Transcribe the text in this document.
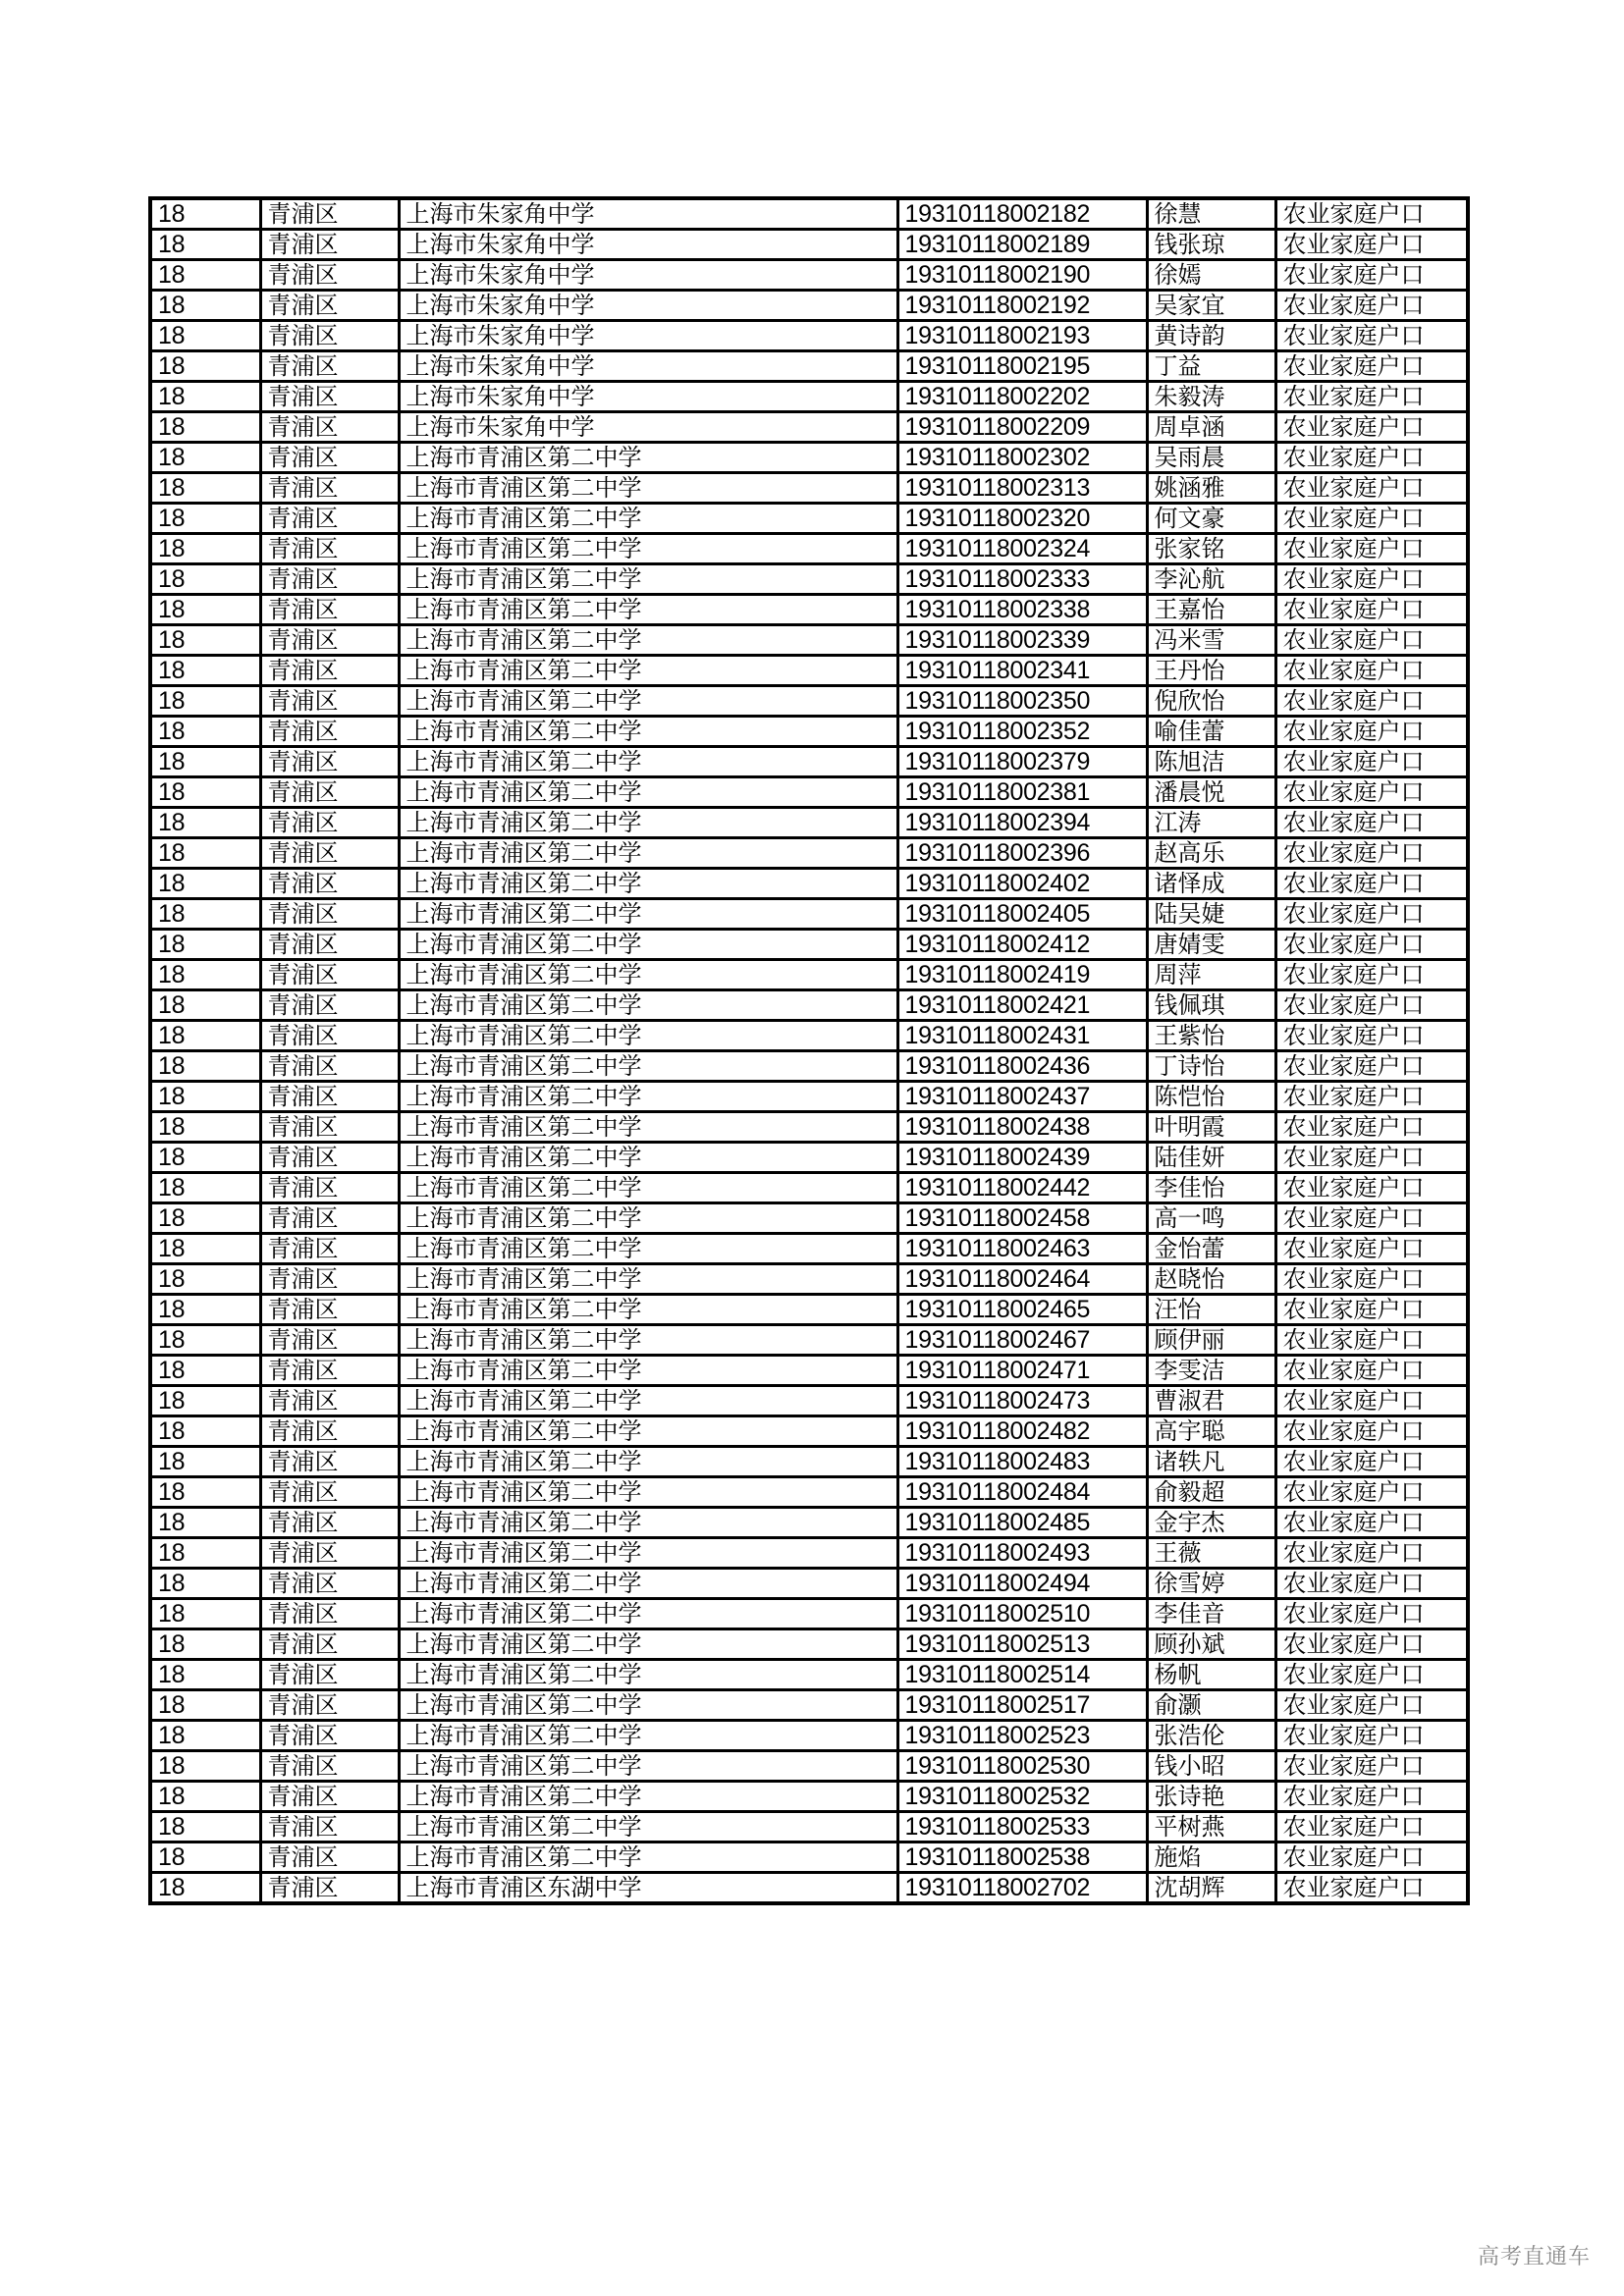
18	青浦区	上海市朱家角中学	19310118002182	徐慧	农业家庭户口
18	青浦区	上海市朱家角中学	19310118002189	钱张琼	农业家庭户口
18	青浦区	上海市朱家角中学	19310118002190	徐嫣	农业家庭户口
18	青浦区	上海市朱家角中学	19310118002192	吴家宜	农业家庭户口
18	青浦区	上海市朱家角中学	19310118002193	黄诗韵	农业家庭户口
18	青浦区	上海市朱家角中学	19310118002195	丁益	农业家庭户口
18	青浦区	上海市朱家角中学	19310118002202	朱毅涛	农业家庭户口
18	青浦区	上海市朱家角中学	19310118002209	周卓涵	农业家庭户口
18	青浦区	上海市青浦区第二中学	19310118002302	吴雨晨	农业家庭户口
18	青浦区	上海市青浦区第二中学	19310118002313	姚涵雅	农业家庭户口
18	青浦区	上海市青浦区第二中学	19310118002320	何文豪	农业家庭户口
18	青浦区	上海市青浦区第二中学	19310118002324	张家铭	农业家庭户口
18	青浦区	上海市青浦区第二中学	19310118002333	李沁航	农业家庭户口
18	青浦区	上海市青浦区第二中学	19310118002338	王嘉怡	农业家庭户口
18	青浦区	上海市青浦区第二中学	19310118002339	冯米雪	农业家庭户口
18	青浦区	上海市青浦区第二中学	19310118002341	王丹怡	农业家庭户口
18	青浦区	上海市青浦区第二中学	19310118002350	倪欣怡	农业家庭户口
18	青浦区	上海市青浦区第二中学	19310118002352	喻佳蕾	农业家庭户口
18	青浦区	上海市青浦区第二中学	19310118002379	陈旭洁	农业家庭户口
18	青浦区	上海市青浦区第二中学	19310118002381	潘晨悦	农业家庭户口
18	青浦区	上海市青浦区第二中学	19310118002394	江涛	农业家庭户口
18	青浦区	上海市青浦区第二中学	19310118002396	赵高乐	农业家庭户口
18	青浦区	上海市青浦区第二中学	19310118002402	诸怿成	农业家庭户口
18	青浦区	上海市青浦区第二中学	19310118002405	陆吴婕	农业家庭户口
18	青浦区	上海市青浦区第二中学	19310118002412	唐婧雯	农业家庭户口
18	青浦区	上海市青浦区第二中学	19310118002419	周萍	农业家庭户口
18	青浦区	上海市青浦区第二中学	19310118002421	钱佩琪	农业家庭户口
18	青浦区	上海市青浦区第二中学	19310118002431	王紫怡	农业家庭户口
18	青浦区	上海市青浦区第二中学	19310118002436	丁诗怡	农业家庭户口
18	青浦区	上海市青浦区第二中学	19310118002437	陈恺怡	农业家庭户口
18	青浦区	上海市青浦区第二中学	19310118002438	叶明霞	农业家庭户口
18	青浦区	上海市青浦区第二中学	19310118002439	陆佳妍	农业家庭户口
18	青浦区	上海市青浦区第二中学	19310118002442	李佳怡	农业家庭户口
18	青浦区	上海市青浦区第二中学	19310118002458	高一鸣	农业家庭户口
18	青浦区	上海市青浦区第二中学	19310118002463	金怡蕾	农业家庭户口
18	青浦区	上海市青浦区第二中学	19310118002464	赵晓怡	农业家庭户口
18	青浦区	上海市青浦区第二中学	19310118002465	汪怡	农业家庭户口
18	青浦区	上海市青浦区第二中学	19310118002467	顾伊丽	农业家庭户口
18	青浦区	上海市青浦区第二中学	19310118002471	李雯洁	农业家庭户口
18	青浦区	上海市青浦区第二中学	19310118002473	曹淑君	农业家庭户口
18	青浦区	上海市青浦区第二中学	19310118002482	高宇聪	农业家庭户口
18	青浦区	上海市青浦区第二中学	19310118002483	诸轶凡	农业家庭户口
18	青浦区	上海市青浦区第二中学	19310118002484	俞毅超	农业家庭户口
18	青浦区	上海市青浦区第二中学	19310118002485	金宇杰	农业家庭户口
18	青浦区	上海市青浦区第二中学	19310118002493	王薇	农业家庭户口
18	青浦区	上海市青浦区第二中学	19310118002494	徐雪婷	农业家庭户口
18	青浦区	上海市青浦区第二中学	19310118002510	李佳音	农业家庭户口
18	青浦区	上海市青浦区第二中学	19310118002513	顾孙斌	农业家庭户口
18	青浦区	上海市青浦区第二中学	19310118002514	杨帆	农业家庭户口
18	青浦区	上海市青浦区第二中学	19310118002517	俞灏	农业家庭户口
18	青浦区	上海市青浦区第二中学	19310118002523	张浩伦	农业家庭户口
18	青浦区	上海市青浦区第二中学	19310118002530	钱小昭	农业家庭户口
18	青浦区	上海市青浦区第二中学	19310118002532	张诗艳	农业家庭户口
18	青浦区	上海市青浦区第二中学	19310118002533	平树燕	农业家庭户口
18	青浦区	上海市青浦区第二中学	19310118002538	施焰	农业家庭户口
18	青浦区	上海市青浦区东湖中学	19310118002702	沈胡辉	农业家庭户口
高考直通车
